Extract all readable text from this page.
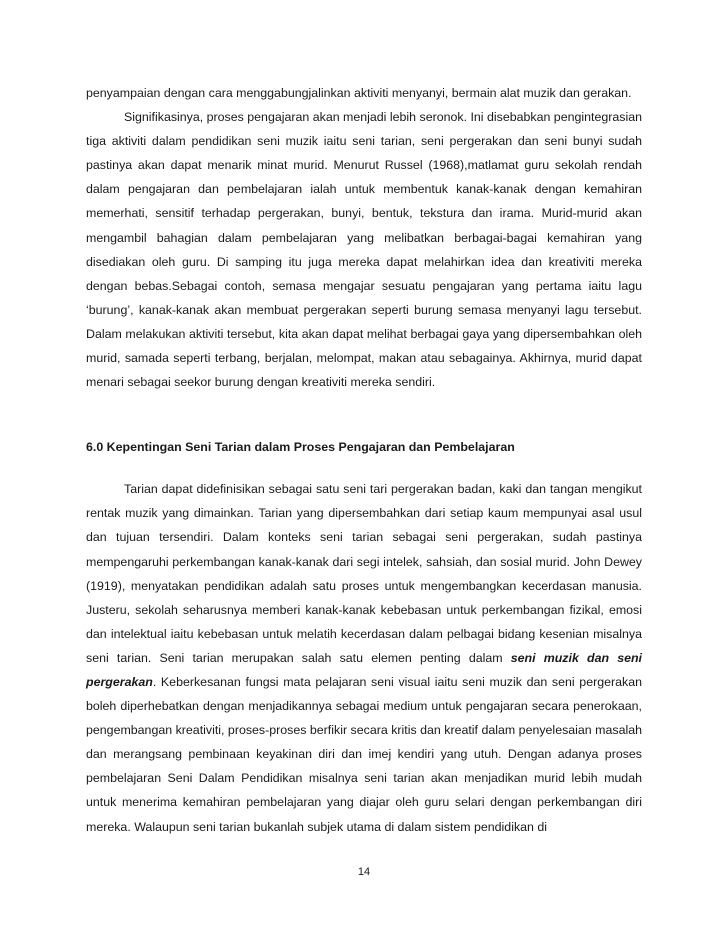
penyampaian dengan cara menggabungjalinkan aktiviti menyanyi, bermain alat muzik dan gerakan.

Signifikasinya, proses pengajaran akan menjadi lebih seronok. Ini disebabkan pengintegrasian tiga aktiviti dalam pendidikan seni muzik iaitu seni tarian, seni pergerakan dan seni bunyi sudah pastinya akan dapat menarik minat murid. Menurut Russel (1968),matlamat guru sekolah rendah dalam pengajaran dan pembelajaran ialah untuk membentuk kanak-kanak dengan kemahiran memerhati, sensitif terhadap pergerakan, bunyi, bentuk, tekstura dan irama. Murid-murid akan mengambil bahagian dalam pembelajaran yang melibatkan berbagai-bagai kemahiran yang disediakan oleh guru. Di samping itu juga mereka dapat melahirkan idea dan kreativiti mereka dengan bebas.Sebagai contoh, semasa mengajar sesuatu pengajaran yang pertama iaitu lagu ‘burung’, kanak-kanak akan membuat pergerakan seperti burung semasa menyanyi lagu tersebut. Dalam melakukan aktiviti tersebut, kita akan dapat melihat berbagai gaya yang dipersembahkan oleh murid, samada seperti terbang, berjalan, melompat, makan atau sebagainya. Akhirnya, murid dapat menari sebagai seekor burung dengan kreativiti mereka sendiri.

6.0 Kepentingan Seni Tarian dalam Proses Pengajaran dan Pembelajaran

Tarian dapat didefinisikan sebagai satu seni tari pergerakan badan, kaki dan tangan mengikut rentak muzik yang dimainkan. Tarian yang dipersembahkan dari setiap kaum mempunyai asal usul dan tujuan tersendiri. Dalam konteks seni tarian sebagai seni pergerakan, sudah pastinya mempengaruhi perkembangan kanak-kanak dari segi intelek, sahsiah, dan sosial murid. John Dewey (1919), menyatakan pendidikan adalah satu proses untuk mengembangkan kecerdasan manusia. Justeru, sekolah seharusnya memberi kanak-kanak kebebasan untuk perkembangan fizikal, emosi dan intelektual iaitu kebebasan untuk melatih kecerdasan dalam pelbagai bidang kesenian misalnya seni tarian. Seni tarian merupakan salah satu elemen penting dalam seni muzik dan seni pergerakan. Keberkesanan fungsi mata pelajaran seni visual iaitu seni muzik dan seni pergerakan boleh diperhebatkan dengan menjadikannya sebagai medium untuk pengajaran secara penerokaan, pengembangan kreativiti, proses-proses berfikir secara kritis dan kreatif dalam penyelesaian masalah dan merangsang pembinaan keyakinan diri dan imej kendiri yang utuh. Dengan adanya proses pembelajaran Seni Dalam Pendidikan misalnya seni tarian akan menjadikan murid lebih mudah untuk menerima kemahiran pembelajaran yang diajar oleh guru selari dengan perkembangan diri mereka. Walaupun seni tarian bukanlah subjek utama di dalam sistem pendidikan di

14
